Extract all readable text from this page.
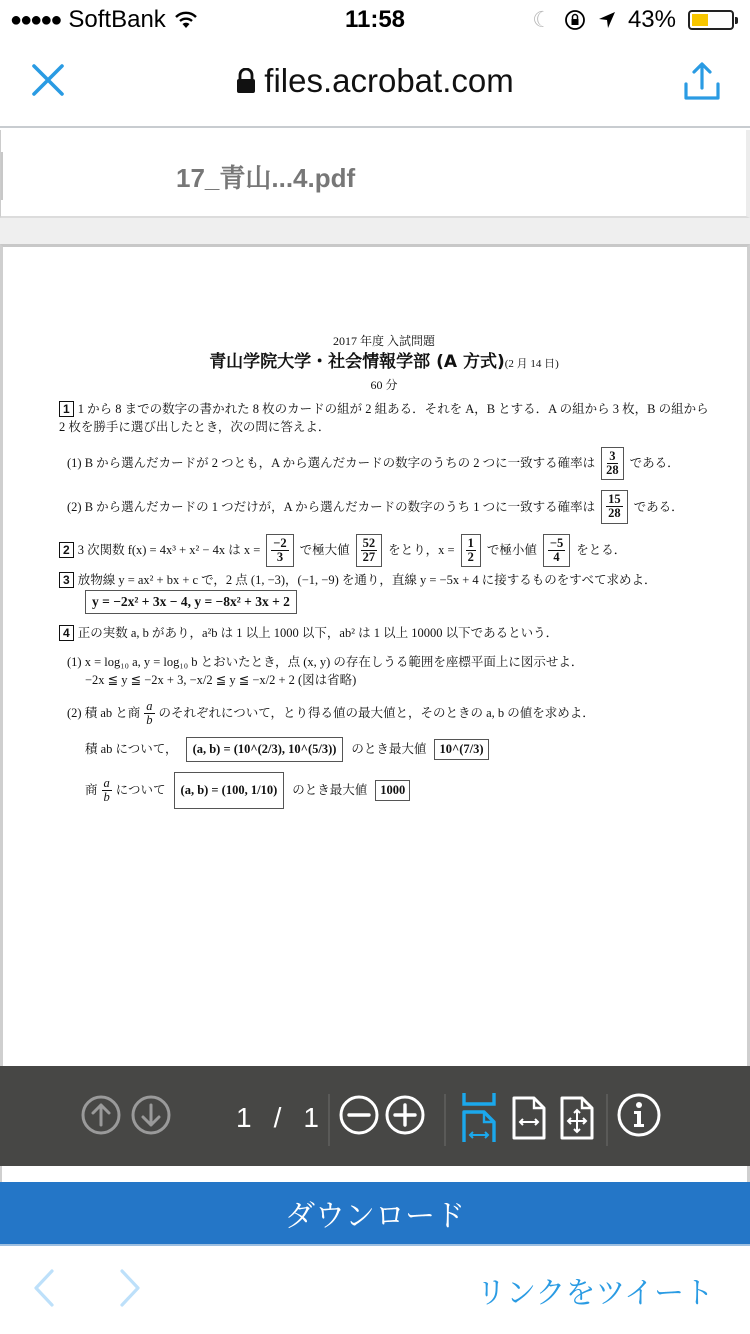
●●●●● SoftBank	11:58	☾	43%
files.acrobat.com
17_青山...4.pdf
2017 年度 入試問題
青山学院大学・社会情報学部 (A 方式)(2 月 14 日)
60 分

1 1 から 8 までの数字の書かれた 8 枚のカードの組が 2 組ある．それを A，B とする．A の組から 3 枚，B の組から 2 枚を勝手に選び出したとき，次の問に答えよ．

(1) B から選んだカードが 2 つとも，A から選んだカードの数字のうちの 2 つに一致する確率は $\frac{3}{28}$ である．
(2) B から選んだカードの 1 つだけが，A から選んだカードの数字のうち 1 つに一致する確率は $\frac{15}{28}$ である．
2 3 次関数 f(x) = 4x³ + x² − 4x は $x = \frac{-2}{3}$ で極大値 $\frac{52}{27}$ をとり，$x = \frac{1}{2}$ で極小値 $\frac{-5}{4}$ をとる．

3 放物線 y = ax² + bx + c で，2 点 (1, −3)，(−1, −9) を通り，直線 y = −5x + 4 に接するものをすべて求めよ．

y = −2x² + 3x − 4, y = −8x² + 3x + 2

4 正の実数 a, b があり，a²b は 1 以上 1000 以下，ab² は 1 以上 10000 以下であるという．

(1) x = log₁₀ a, y = log₁₀ b とおいたとき，点 (x, y) の存在しうる範囲を座標平面上に図示せよ．

−2x ≦ y ≦ −2x + 3, −x/2 ≦ y ≦ −x/2 + 2 (図は省略)

(2) 積 ab と商 $\frac{a}{b}$ のそれぞれについて，とり得る値の最大値と，そのときの a, b の値を求めよ．
積 ab について，	(a, b) = (10^(2/3), 10^(5/3))	のとき最大値	10^(7/3)
商 $\frac{a}{b}$ について	(a, b) = (100, 1/10)	のとき最大値	1000
1 / 1
ダウンロード
リンクをツイート
